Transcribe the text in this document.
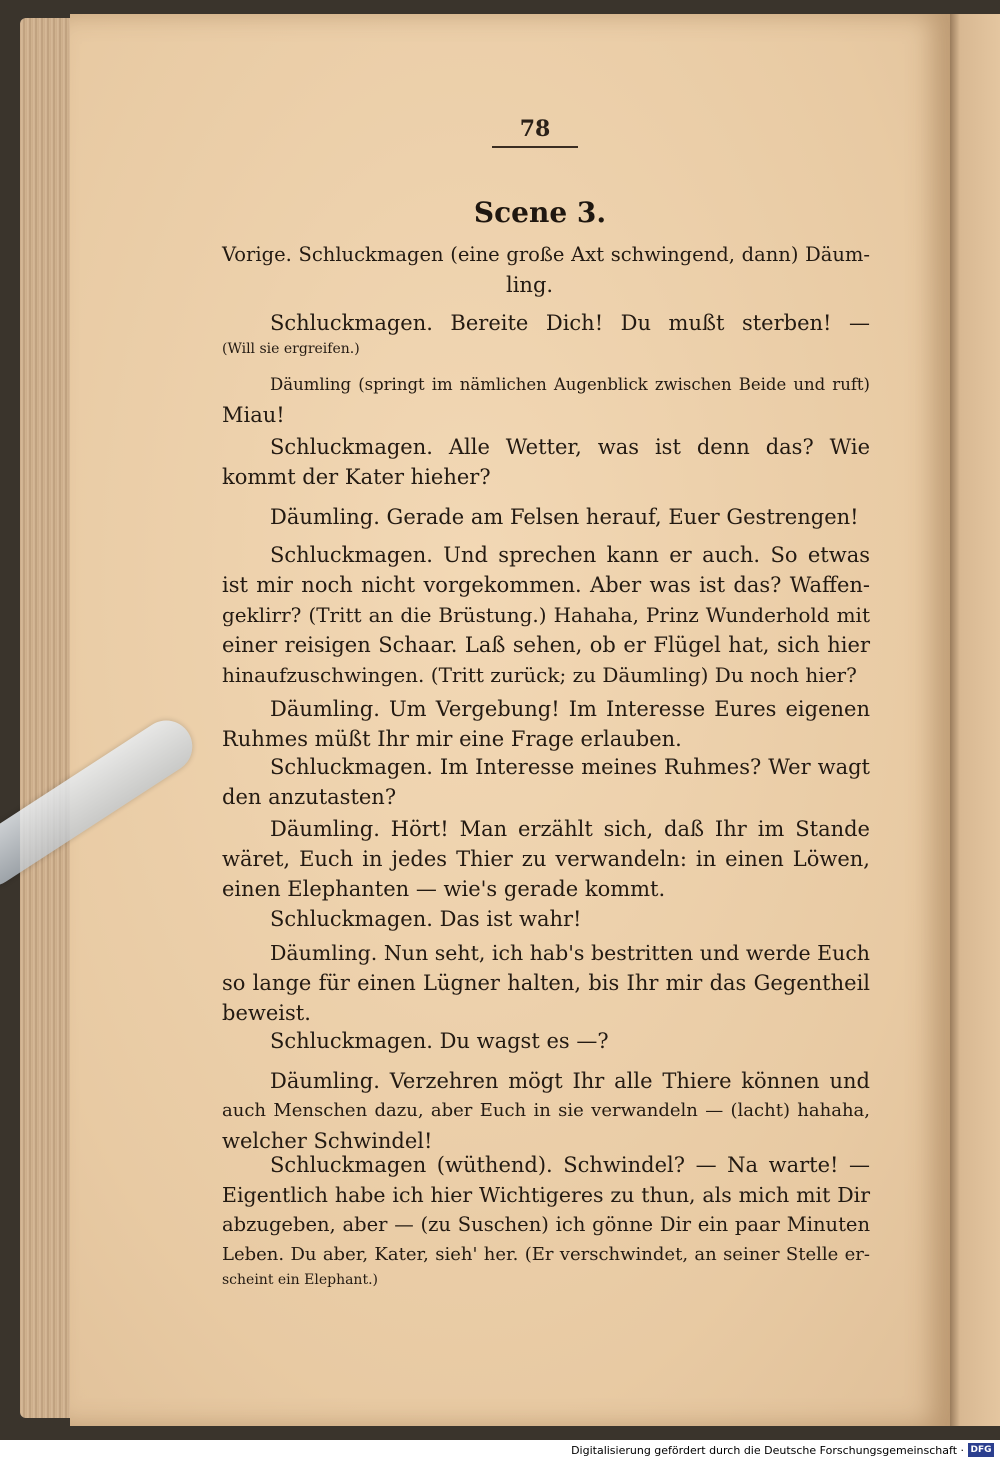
78
Scene 3.
Vorige. Schluckmagen (eine große Axt schwingend, dann) Däum-
ling.
Schluckmagen. Bereite Dich! Du mußt sterben! —
(Will sie ergreifen.)
Däumling (springt im nämlichen Augenblick zwischen Beide und ruft)
Miau!
Schluckmagen. Alle Wetter, was ist denn das? Wie
kommt der Kater hieher?
Däumling. Gerade am Felsen herauf, Euer Gestrengen!
Schluckmagen. Und sprechen kann er auch. So etwas
ist mir noch nicht vorgekommen. Aber was ist das? Waffen-
geklirr? (Tritt an die Brüstung.) Hahaha, Prinz Wunderhold mit
einer reisigen Schaar. Laß sehen, ob er Flügel hat, sich hier
hinaufzuschwingen. (Tritt zurück; zu Däumling) Du noch hier?
Däumling. Um Vergebung! Im Interesse Eures eigenen
Ruhmes müßt Ihr mir eine Frage erlauben.
Schluckmagen. Im Interesse meines Ruhmes? Wer wagt
den anzutasten?
Däumling. Hört! Man erzählt sich, daß Ihr im Stande
wäret, Euch in jedes Thier zu verwandeln: in einen Löwen,
einen Elephanten — wie's gerade kommt.
Schluckmagen. Das ist wahr!
Däumling. Nun seht, ich hab's bestritten und werde Euch
so lange für einen Lügner halten, bis Ihr mir das Gegentheil
beweist.
Schluckmagen. Du wagst es —?
Däumling. Verzehren mögt Ihr alle Thiere können und
auch Menschen dazu, aber Euch in sie verwandeln — (lacht) hahaha,
welcher Schwindel!
Schluckmagen (wüthend). Schwindel? — Na warte! —
Eigentlich habe ich hier Wichtigeres zu thun, als mich mit Dir
abzugeben, aber — (zu Suschen) ich gönne Dir ein paar Minuten
Leben. Du aber, Kater, sieh' her. (Er verschwindet, an seiner Stelle er-
scheint ein Elephant.)
Digitalisierung gefördert durch die Deutsche Forschungsgemeinschaft · DFG
